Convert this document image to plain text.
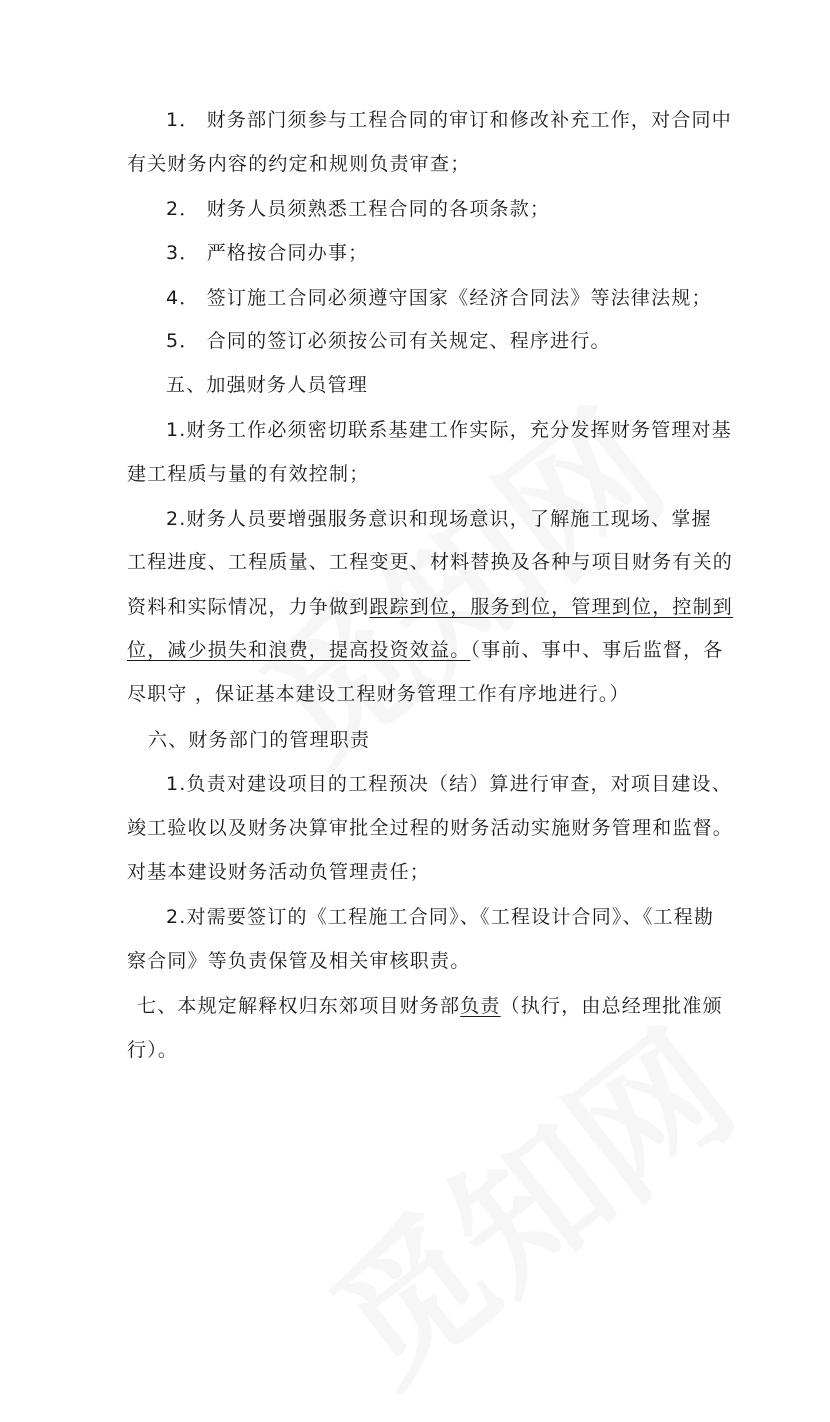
1． 财务部门须参与工程合同的审订和修改补充工作，对合同中
有关财务内容的约定和规则负责审查；
2． 财务人员须熟悉工程合同的各项条款；
3． 严格按合同办事；
4． 签订施工合同必须遵守国家《经济合同法》等法律法规；
5． 合同的签订必须按公司有关规定、程序进行。
五、加强财务人员管理
1.财务工作必须密切联系基建工作实际，充分发挥财务管理对基
建工程质与量的有效控制；
2.财务人员要增强服务意识和现场意识，了解施工现场、掌握
工程进度、工程质量、工程变更、材料替换及各种与项目财务有关的
资料和实际情况，力争做到跟踪到位，服务到位，管理到位，控制到
位，减少损失和浪费，提高投资效益。（事前、事中、事后监督，各
尽职守 ，保证基本建设工程财务管理工作有序地进行。）
六、财务部门的管理职责
1.负责对建设项目的工程预决（结）算进行审查，对项目建设、
竣工验收以及财务决算审批全过程的财务活动实施财务管理和监督。
对基本建设财务活动负管理责任；
2.对需要签订的《工程施工合同》、《工程设计合同》、《工程勘
察合同》等负责保管及相关审核职责。
七、本规定解释权归东郊项目财务部负责（执行，由总经理批准颁
行）。
